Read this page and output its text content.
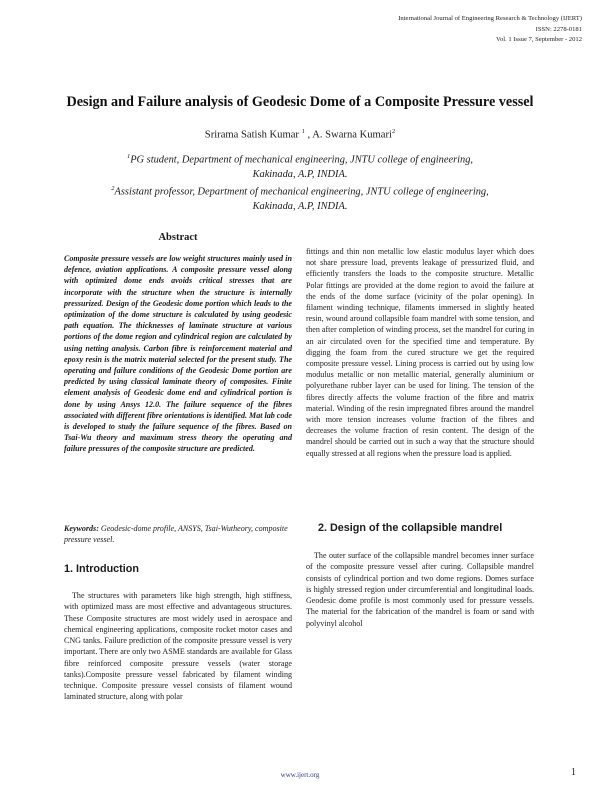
International Journal of Engineering Research & Technology (IJERT)
ISSN: 2278-0181
Vol. 1 Issue 7, September - 2012
Design and Failure analysis of Geodesic Dome of a Composite Pressure vessel
Srirama Satish Kumar $^1$ , A. Swarna Kumari$^2$

$^1$PG student, Department of mechanical engineering, JNTU college of engineering,

Kakinada, A.P, INDIA.

$^2$Assistant professor, Department of mechanical engineering, JNTU college of engineering,

Kakinada, A.P, INDIA.

Abstract

Composite pressure vessels are low weight structures mainly used in defence, aviation applications. A composite pressure vessel along with optimized dome ends avoids critical stresses that are incorporate with the structure when the structure is internally pressurized. Design of the Geodesic dome portion which leads to the optimization of the dome structure is calculated by using geodesic path equation. The thicknesses of laminate structure at various portions of the dome region and cylindrical region are calculated by using netting analysis. Carbon fibre is reinforcement material and epoxy resin is the matrix material selected for the present study. The operating and failure conditions of the Geodesic Dome portion are predicted by using classical laminate theory of composites. Finite element analysis of Geodesic dome end and cylindrical portion is done by using Ansys 12.0. The failure sequence of the fibres associated with different fibre orientations is identified. Mat lab code is developed to study the failure sequence of the fibres. Based on Tsai-Wu theory and maximum stress theory the operating and failure pressures of the composite structure are predicted.

Keywords: Geodesic-dome profile, ANSYS, Tsai-Wutheory, composite pressure vessel.

1. Introduction

The structures with parameters like high strength, high stiffness, with optimized mass are most effective and advantageous structures. These Composite structures are most widely used in aerospace and chemical engineering applications, composite rocket motor cases and CNG tanks. Failure prediction of the composite pressure vessel is very important. There are only two ASME standards are available for Glass fibre reinforced composite pressure vessels (water storage tanks).Composite pressure vessel fabricated by filament winding technique. Composite pressure vessel consists of filament wound laminated structure, along with polar

fittings and thin non metallic low elastic modulus layer which does not share pressure load, prevents leakage of pressurized fluid, and efficiently transfers the loads to the composite structure. Metallic Polar fittings are provided at the dome region to avoid the failure at the ends of the dome surface (vicinity of the polar opening). In filament winding technique, filaments immersed in slightly heated resin, wound around collapsible foam mandrel with some tension, and then after completion of winding process, set the mandrel for curing in an air circulated oven for the specified time and temperature. By digging the foam from the cured structure we get the required composite pressure vessel. Lining process is carried out by using low modulus metallic or non metallic material, generally aluminium or polyurethane rubber layer can be used for lining. The tension of the fibres directly affects the volume fraction of the fibre and matrix material. Winding of the resin impregnated fibres around the mandrel with more tension increases volume fraction of the fibres and decreases the volume fraction of resin content. The design of the mandrel should be carried out in such a way that the structure should equally stressed at all regions when the pressure load is applied.

2. Design of the collapsible mandrel

The outer surface of the collapsible mandrel becomes inner surface of the composite pressure vessel after curing. Collapsible mandrel consists of cylindrical portion and two dome regions. Domes surface is highly stressed region under circumferential and longitudinal loads. Geodesic dome profile is most commonly used for pressure vessels. The material for the fabrication of the mandrel is foam or sand with polyvinyl alcohol

www.ijert.org	1
